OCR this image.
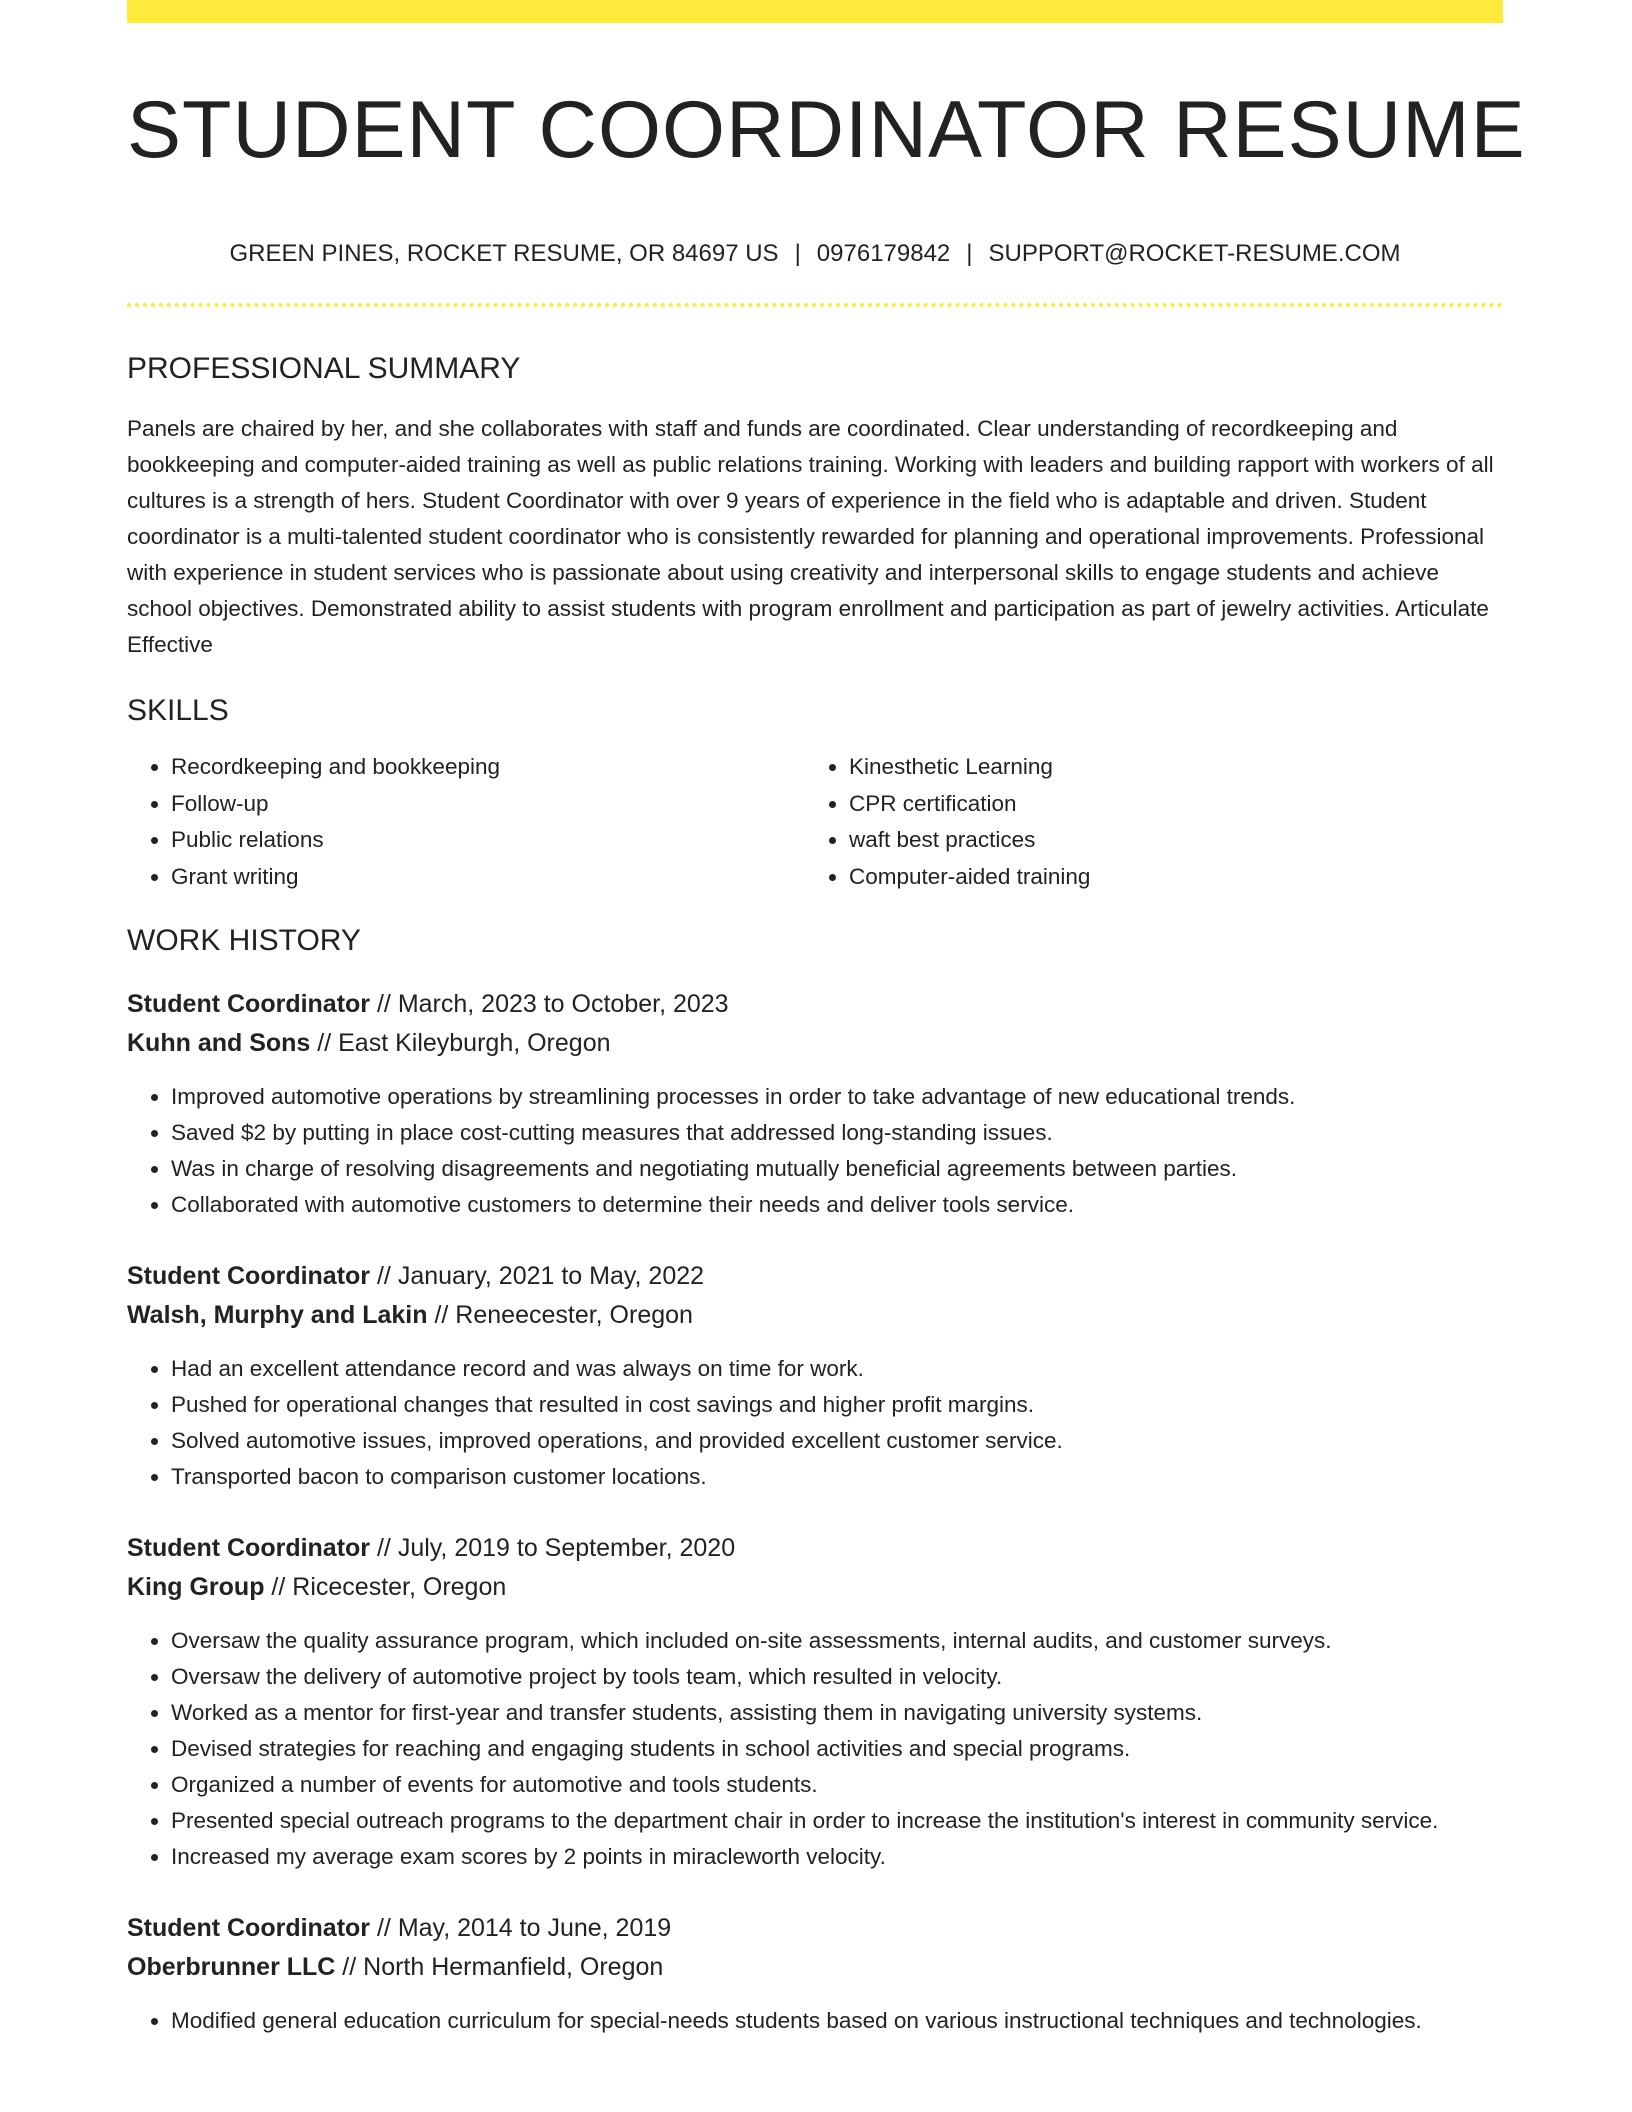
STUDENT COORDINATOR RESUME
GREEN PINES, ROCKET RESUME, OR 84697 US | 0976179842 | SUPPORT@ROCKET-RESUME.COM
PROFESSIONAL SUMMARY

Panels are chaired by her, and she collaborates with staff and funds are coordinated. Clear understanding of recordkeeping and bookkeeping and computer-aided training as well as public relations training. Working with leaders and building rapport with workers of all cultures is a strength of hers. Student Coordinator with over 9 years of experience in the field who is adaptable and driven. Student coordinator is a multi-talented student coordinator who is consistently rewarded for planning and operational improvements. Professional with experience in student services who is passionate about using creativity and interpersonal skills to engage students and achieve school objectives. Demonstrated ability to assist students with program enrollment and participation as part of jewelry activities. Articulate Effective

SKILLS
• Recordkeeping and bookkeeping
• Follow-up
• Public relations
• Grant writing
• Kinesthetic Learning
• CPR certification
• waft best practices
• Computer-aided training
WORK HISTORY
Student Coordinator // March, 2023 to October, 2023
Kuhn and Sons // East Kileyburgh, Oregon
• Improved automotive operations by streamlining processes in order to take advantage of new educational trends.
• Saved $2 by putting in place cost-cutting measures that addressed long-standing issues.
• Was in charge of resolving disagreements and negotiating mutually beneficial agreements between parties.
• Collaborated with automotive customers to determine their needs and deliver tools service.
Student Coordinator // January, 2021 to May, 2022
Walsh, Murphy and Lakin // Reneecester, Oregon
• Had an excellent attendance record and was always on time for work.
• Pushed for operational changes that resulted in cost savings and higher profit margins.
• Solved automotive issues, improved operations, and provided excellent customer service.
• Transported bacon to comparison customer locations.
Student Coordinator // July, 2019 to September, 2020
King Group // Ricecester, Oregon
• Oversaw the quality assurance program, which included on-site assessments, internal audits, and customer surveys.
• Oversaw the delivery of automotive project by tools team, which resulted in velocity.
• Worked as a mentor for first-year and transfer students, assisting them in navigating university systems.
• Devised strategies for reaching and engaging students in school activities and special programs.
• Organized a number of events for automotive and tools students.
• Presented special outreach programs to the department chair in order to increase the institution's interest in community service.
• Increased my average exam scores by 2 points in miracleworth velocity.
Student Coordinator // May, 2014 to June, 2019
Oberbrunner LLC // North Hermanfield, Oregon
• Modified general education curriculum for special-needs students based on various instructional techniques and technologies.
